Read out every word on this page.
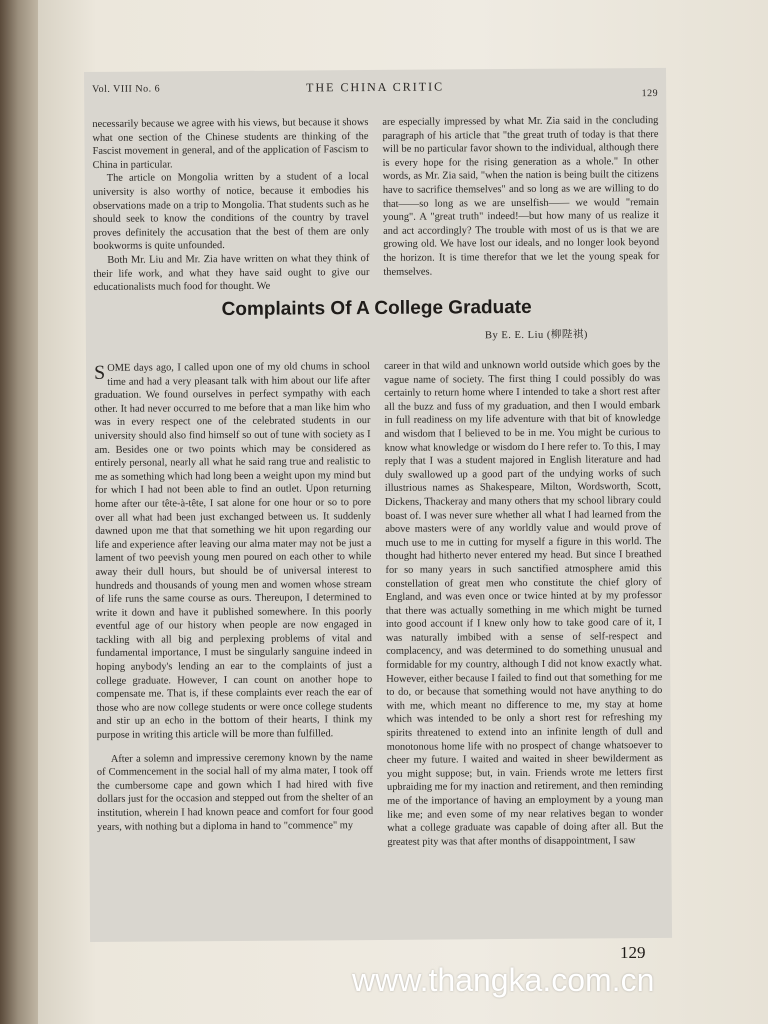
Vol. VIII No. 6	THE CHINA CRITIC	129

necessarily because we agree with his views, but because it shows what one section of the Chinese students are thinking of the Fascist movement in general, and of the application of Fascism to China in particular.

The article on Mongolia written by a student of a local university is also worthy of notice, because it embodies his observations made on a trip to Mongolia. That students such as he should seek to know the conditions of the country by travel proves definitely the accusation that the best of them are only bookworms is quite unfounded.

Both Mr. Liu and Mr. Zia have written on what they think of their life work, and what they have said ought to give our educationalists much food for thought. We

are especially impressed by what Mr. Zia said in the concluding paragraph of his article that "the great truth of today is that there will be no particular favor shown to the individual, although there is every hope for the rising generation as a whole." In other words, as Mr. Zia said, "when the nation is being built the citizens have to sacrifice themselves" and so long as we are willing to do that——so long as we are unselfish—— we would "remain young". A "great truth" indeed!—but how many of us realize it and act accordingly? The trouble with most of us is that we are growing old. We have lost our ideals, and no longer look beyond the horizon. It is time therefor that we let the young speak for themselves.

Complaints Of A College Graduate
By E. E. Liu (柳陛祺)

SOME days ago, I called upon one of my old chums in school time and had a very pleasant talk with him about our life after graduation. We found ourselves in perfect sympathy with each other. It had never occurred to me before that a man like him who was in every respect one of the celebrated students in our university should also find himself so out of tune with society as I am. Besides one or two points which may be considered as entirely personal, nearly all what he said rang true and realistic to me as something which had long been a weight upon my mind but for which I had not been able to find an outlet. Upon returning home after our tête-à-tête, I sat alone for one hour or so to pore over all what had been just exchanged between us. It suddenly dawned upon me that that something we hit upon regarding our life and experience after leaving our alma mater may not be just a lament of two peevish young men poured on each other to while away their dull hours, but should be of universal interest to hundreds and thousands of young men and women whose stream of life runs the same course as ours. Thereupon, I determined to write it down and have it published somewhere. In this poorly eventful age of our history when people are now engaged in tackling with all big and perplexing problems of vital and fundamental importance, I must be singularly sanguine indeed in hoping anybody's lending an ear to the complaints of just a college graduate. However, I can count on another hope to compensate me. That is, if these complaints ever reach the ear of those who are now college students or were once college students and stir up an echo in the bottom of their hearts, I think my purpose in writing this article will be more than fulfilled.

After a solemn and impressive ceremony known by the name of Commencement in the social hall of my alma mater, I took off the cumbersome cape and gown which I had hired with five dollars just for the occasion and stepped out from the shelter of an institution, wherein I had known peace and comfort for four good years, with nothing but a diploma in hand to "commence" my

career in that wild and unknown world outside which goes by the vague name of society. The first thing I could possibly do was certainly to return home where I intended to take a short rest after all the buzz and fuss of my graduation, and then I would embark in full readiness on my life adventure with that bit of knowledge and wisdom that I believed to be in me. You might be curious to know what knowledge or wisdom do I here refer to. To this, I may reply that I was a student majored in English literature and had duly swallowed up a good part of the undying works of such illustrious names as Shakespeare, Milton, Wordsworth, Scott, Dickens, Thackeray and many others that my school library could boast of. I was never sure whether all what I had learned from the above masters were of any worldly value and would prove of much use to me in cutting for myself a figure in this world. The thought had hitherto never entered my head. But since I breathed for so many years in such sanctified atmosphere amid this constellation of great men who constitute the chief glory of England, and was even once or twice hinted at by my professor that there was actually something in me which might be turned into good account if I knew only how to take good care of it, I was naturally imbibed with a sense of self-respect and complacency, and was determined to do something unusual and formidable for my country, although I did not know exactly what. However, either because I failed to find out that something for me to do, or because that something would not have anything to do with me, which meant no difference to me, my stay at home which was intended to be only a short rest for refreshing my spirits threatened to extend into an infinite length of dull and monotonous home life with no prospect of change whatsoever to cheer my future. I waited and waited in sheer bewilderment as you might suppose; but, in vain. Friends wrote me letters first upbraiding me for my inaction and retirement, and then reminding me of the importance of having an employment by a young man like me; and even some of my near relatives began to wonder what a college graduate was capable of doing after all. But the greatest pity was that after months of disappointment, I saw

129
www.thangka.com.cn
